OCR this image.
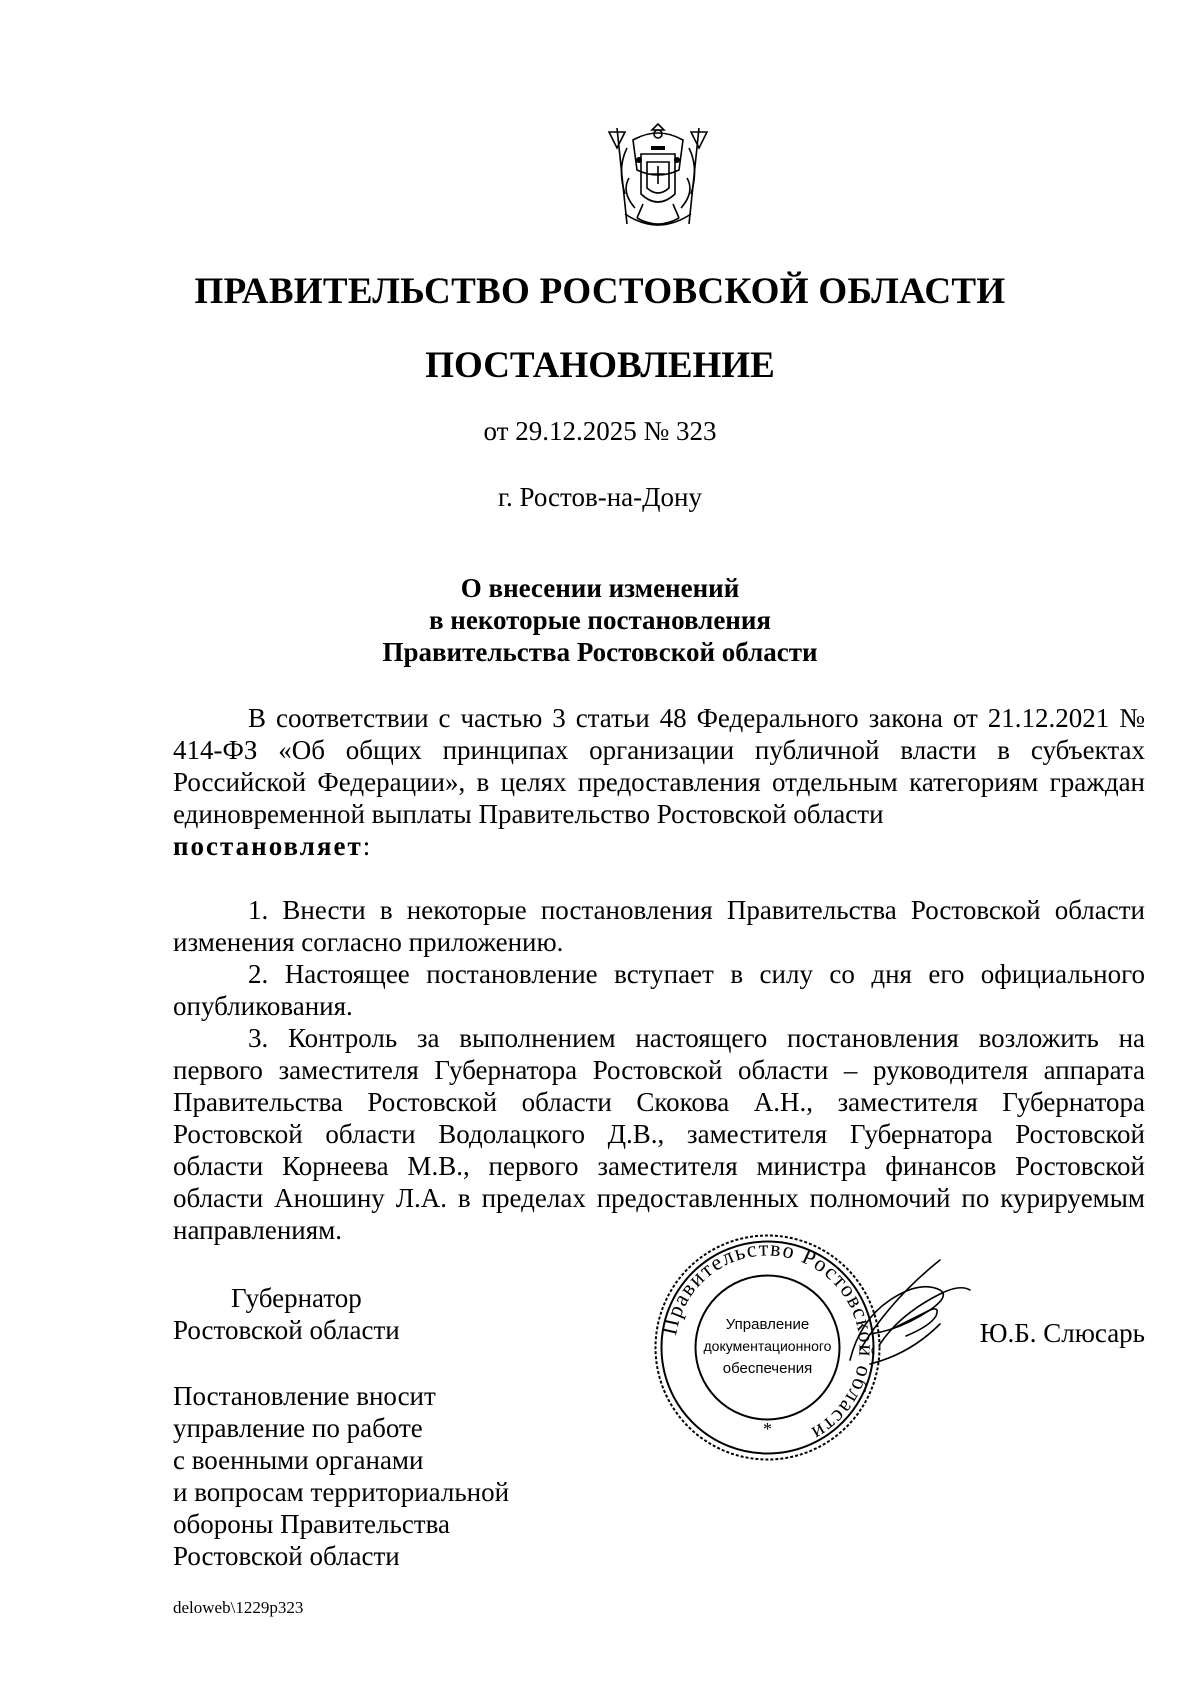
ПРАВИТЕЛЬСТВО РОСТОВСКОЙ ОБЛАСТИ
ПОСТАНОВЛЕНИЕ
от 29.12.2025 № 323
г. Ростов-на-Дону
О внесении изменений
в некоторые постановления
Правительства Ростовской области

В соответствии с частью 3 статьи 48 Федерального закона от 21.12.2021 № 414-ФЗ «Об общих принципах организации публичной власти в субъектах Российской Федерации», в целях предоставления отдельным категориям граждан единовременной выплаты Правительство Ростовской области
постановляет:

1. Внести в некоторые постановления Правительства Ростовской области изменения согласно приложению.

2. Настоящее постановление вступает в силу со дня его официального опубликования.

3. Контроль за выполнением настоящего постановления возложить на первого заместителя Губернатора Ростовской области – руководителя аппарата Правительства Ростовской области Скокова А.Н., заместителя Губернатора Ростовской области Водолацкого Д.В., заместителя Губернатора Ростовской области Корнеева М.В., первого заместителя министра финансов Ростовской области Аношину Л.А. в пределах предоставленных полномочий по курируемым направлениям.

Губернатор
Ростовской области	Правительство Ростовской области
Управление
документационного
обеспечения
*
Ю.Б. Слюсарь
Постановление вносит
управление по работе
с военными органами
и вопросам территориальной
обороны Правительства
Ростовской области
deloweb\1229p323
